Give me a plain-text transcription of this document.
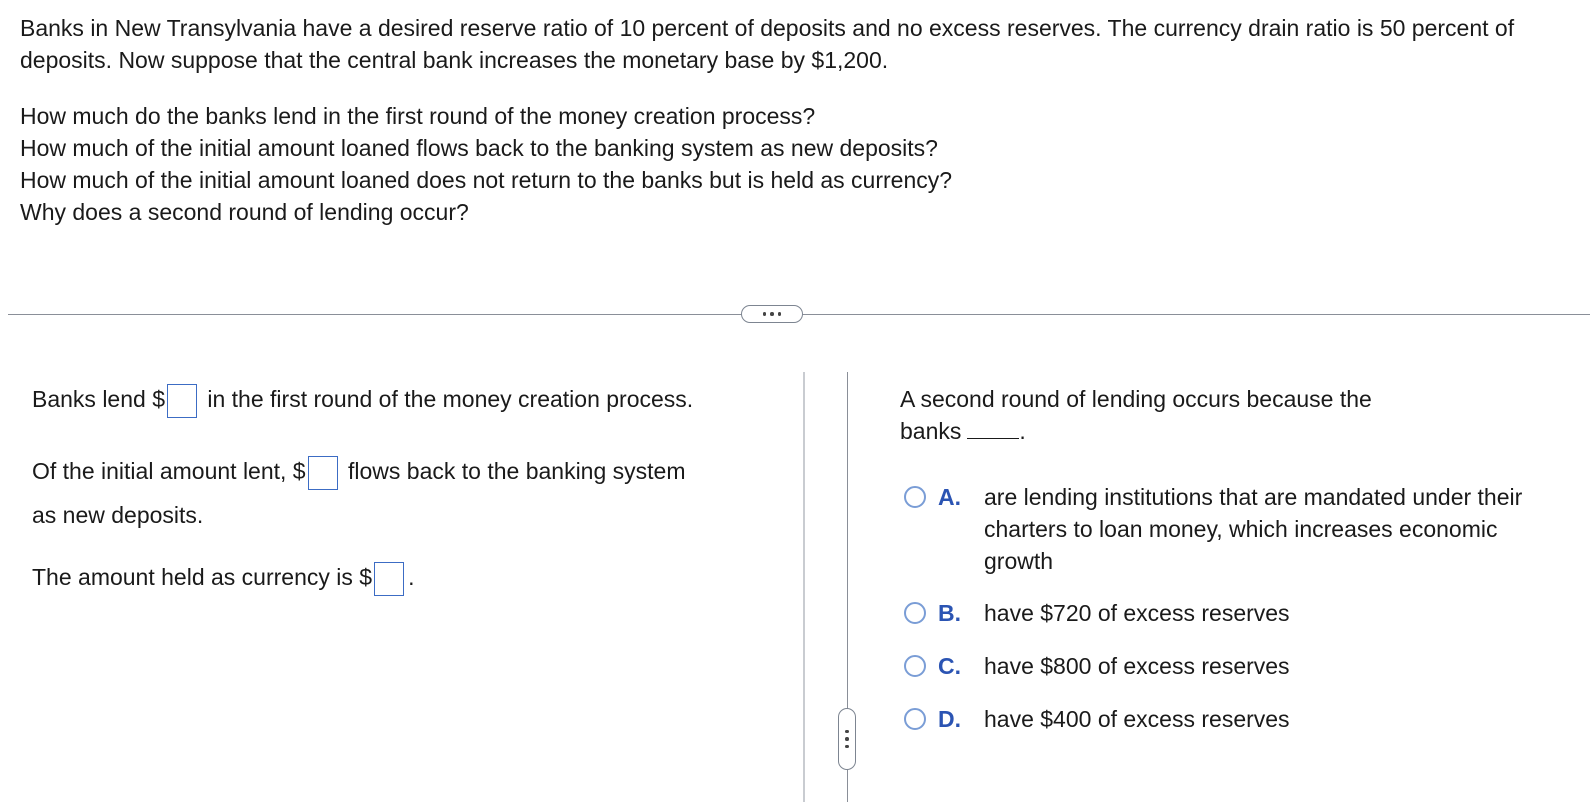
Banks in New Transylvania have a desired reserve ratio of 10 percent of deposits and no excess reserves. The currency drain ratio is 50 percent of deposits. Now suppose that the central bank increases the monetary base by $1,200.

How much do the banks lend in the first round of the money creation process?

How much of the initial amount loaned flows back to the banking system as new deposits?

How much of the initial amount loaned does not return to the banks but is held as currency?

Why does a second round of lending occur?

Banks lend $ in the first round of the money creation process.
Of the initial amount lent, $ flows back to the banking system
as new deposits.
The amount held as currency is $ .

A second round of lending occurs because the
banks	.

A.	are lending institutions that are mandated under their charters to loan money, which increases economic growth
B.	have $720 of excess reserves
C.	have $800 of excess reserves
D.	have $400 of excess reserves
